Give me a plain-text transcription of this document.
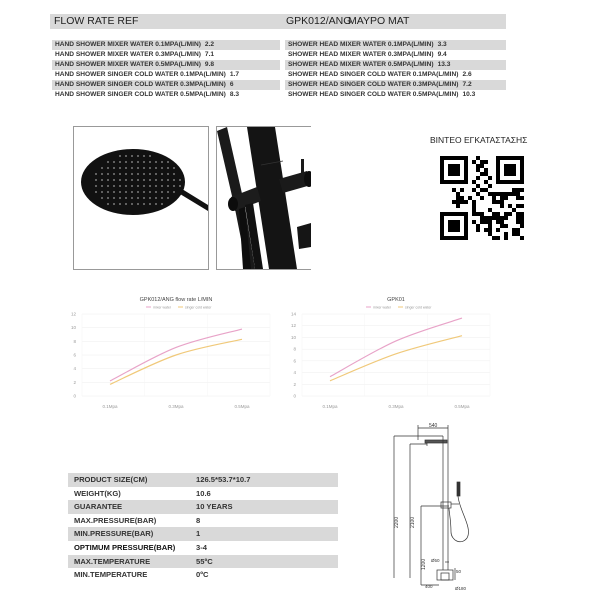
FLOW RATE REF	GPK012/ANG
ΜΑΥΡΟ ΜΑΤ
HAND SHOWER MIXER WATER 0.1MPA(L/MIN) 2.2
HAND SHOWER MIXER WATER 0.3MPA(L/MIN) 7.1
HAND SHOWER MIXER WATER 0.5MPA(L/MIN) 9.8
HAND SHOWER SINGER COLD WATER 0.1MPA(L/MIN) 1.7
HAND SHOWER SINGER COLD WATER 0.3MPA(L/MIN) 6
HAND SHOWER SINGER COLD WATER 0.5MPA(L/MIN) 8.3
SHOWER HEAD MIXER WATER 0.1MPA(L/MIN) 3.3
SHOWER HEAD MIXER WATER 0.3MPA(L/MIN) 9.4
SHOWER HEAD MIXER WATER 0.5MPA(L/MIN) 13.3
SHOWER HEAD SINGER COLD WATER 0.1MPA(L/MIN) 2.6
SHOWER HEAD SINGER COLD WATER 0.3MPA(L/MIN) 7.2
SHOWER HEAD SINGER COLD WATER 0.5MPA(L/MIN) 10.3
ΒΙΝΤΕΟ ΕΓΚΑΤΑΣΤΑΣΗΣ
GPK012/ANG flow rate L/MIN
mixer water	singer cold water
0
2
4
6
8
10
12
0.1Mpa	0.3Mpa	0.5Mpa
GPK01
mixer water	singer cold water
0
2
4
6
8
10
12
14
0.1Mpa	0.3Mpa	0.5Mpa
PRODUCT SIZE(CM)	126.5*53.7*10.7
WEIGHT(KG)	10.6
GUARANTEE	10 YEARS
MAX.PRESSURE(BAR)	8
MIN.PRESSURE(BAR)	1
OPTIMUM PRESSURE(BAR)	3-4
MAX.TEMPERATURE	55ºC
MIN.TEMPERATURE	0ºC
540
2200 2100
1200 Ø50
50
400	Ø180
